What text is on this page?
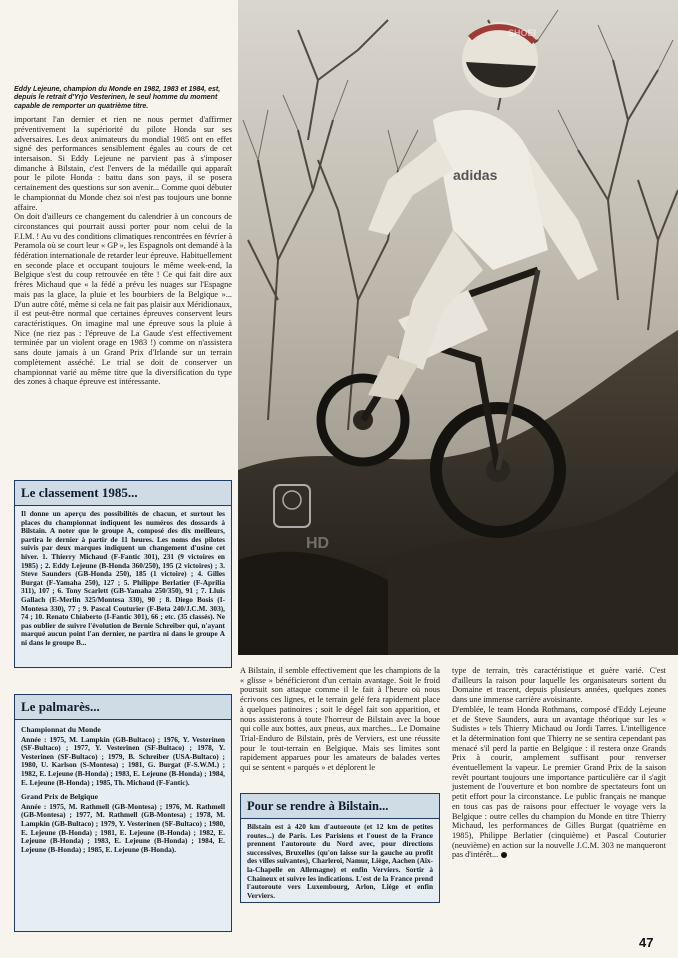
Eddy Lejeune, champion du Monde en 1982, 1983 et 1984, est, depuis le retrait d'Yrjo Vesterinen, le seul homme du moment capable de remporter un quatrième titre.

important l'an dernier et rien ne nous permet d'affirmer préventivement la supériorité du pilote Honda sur ses adversaires. Les deux animateurs du mondial 1985 ont en effet signé des performances sensiblement égales au cours de cet intersaison. Si Eddy Lejeune ne parvient pas à s'imposer dimanche à Bilstain, c'est l'envers de la médaille qui apparaît pour le pilote Honda : battu dans son pays, il se posera certainement des questions sur son avenir... Comme quoi débuter le championnat du Monde chez soi n'est pas toujours une bonne affaire.

On doit d'ailleurs ce changement du calendrier à un concours de circonstances qui pourrait aussi porter pour nom celui de la F.I.M. ! Au vu des conditions climatiques rencontrées en février à Peramola où se court leur « GP », les Espagnols ont demandé à la fédération internationale de retarder leur épreuve. Habituellement en seconde place et occupant toujours le même week-end, la Belgique s'est du coup retrouvée en tête ! Ce qui fait dire aux frères Michaud que « la fédé a prévu les nuages sur l'Espagne mais pas la glace, la pluie et les bourbiers de la Belgique »... D'un autre côté, même si cela ne fait pas plaisir aux Méridionaux, il est peut-être normal que certaines épreuves conservent leurs caractéristiques. On imagine mal une épreuve sous la pluie à Nice (ne riez pas : l'épreuve de La Gaude s'est effectivement terminée par un violent orage en 1983 !) comme on n'assistera sans doute jamais à un Grand Prix d'Irlande sur un terrain complètement asséché. Le trial se doit de conserver un championnat varié au même titre que la diversification du type des zones à chaque épreuve est intéressante.

SHOEI
adidas
HD
Le classement 1985...
Il donne un aperçu des possibilités de chacun, et surtout les places du championnat indiquent les numéros des dossards à Bilstain. A noter que le groupe A, composé des dix meilleurs, partira le dernier à partir de 11 heures. Les noms des pilotes suivis par deux marques indiquent un changement d'usine cet hiver. 1. Thierry Michaud (F-Fantic 301), 231 (9 victoires en 1985) ; 2. Eddy Lejeune (B-Honda 360/250), 195 (2 victoires) ; 3. Steve Saunders (GB-Honda 250), 185 (1 victoire) ; 4. Gilles Burgat (F-Yamaha 250), 127 ; 5. Philippe Berlatier (F-Aprilia 311), 107 ; 6. Tony Scarlett (GB-Yamaha 250/350), 91 ; 7. Lluis Gallach (E-Merlin 325/Montesa 330), 90 ; 8. Diego Bosis (I-Montesa 330), 77 ; 9. Pascal Couturier (F-Beta 240/J.C.M. 303), 74 ; 10. Renato Chiaberto (I-Fantic 301), 66 ; etc. (35 classés). Ne pas oublier de suivre l'évolution de Bernie Schreiber qui, n'ayant marqué aucun point l'an dernier, ne partira ni dans le groupe A ni dans le groupe B...
Le palmarès...
Championnat du Monde

Année : 1975, M. Lampkin (GB-Bultaco) ; 1976, Y. Vesterinen (SF-Bultaco) ; 1977, Y. Vesterinen (SF-Bultaco) ; 1978, Y. Vesterinen (SF-Bultaco) ; 1979, B. Schreiber (USA-Bultaco) ; 1980, U. Karlson (S-Montesa) ; 1981, G. Burgat (F-S.W.M.) ; 1982, E. Lejeune (B-Honda) ; 1983, E. Lejeune (B-Honda) ; 1984, E. Lejeune (B-Honda) ; 1985, Th. Michaud (F-Fantic).

Grand Prix de Belgique

Année : 1975, M. Rathmell (GB-Montesa) ; 1976, M. Rathmell (GB-Montesa) ; 1977, M. Rathmell (GB-Montesa) ; 1978, M. Lampkin (GB-Bultaco) ; 1979, Y. Vesterinen (SF-Bultaco) ; 1980, E. Lejeune (B-Honda) ; 1981, E. Lejeune (B-Honda) ; 1982, E. Lejeune (B-Honda) ; 1983, E. Lejeune (B-Honda) ; 1984, E. Lejeune (B-Honda) ; 1985, E. Lejeune (B-Honda).

A Bilstain, il semble effectivement que les champions de la « glisse » bénéficieront d'un certain avantage. Soit le froid poursuit son attaque comme il le fait à l'heure où nous écrivons ces lignes, et le terrain gelé fera rapidement place à quelques patinoires ; soit le dégel fait son apparition, et nous assisterons à toute l'horreur de Bilstain avec la boue qui colle aux bottes, aux pneus, aux marches... Le Domaine Trial-Enduro de Bilstain, près de Verviers, est une réussite pour le tout-terrain en Belgique. Mais ses limites sont rapidement apparues pour les amateurs de balades vertes qui se sentent « parqués » et déplorent le

Pour se rendre à Bilstain...
Bilstain est à 420 km d'autoroute (et 12 km de petites routes...) de Paris. Les Parisiens et l'ouest de la France prennent l'autoroute du Nord avec, pour directions successives, Bruxelles (qu'on laisse sur la gauche au profit des villes suivantes), Charleroi, Namur, Liège, Aachen (Aix-la-Chapelle en Allemagne) et enfin Verviers. Sortir à Chaineux et suivre les indications. L'est de la France prend l'autoroute vers Luxembourg, Arlon, Liège et enfin Verviers.

type de terrain, très caractéristique et guère varié. C'est d'ailleurs la raison pour laquelle les organisateurs sortent du Domaine et tracent, depuis plusieurs années, quelques zones dans une immense carrière avoisinante.

D'emblée, le team Honda Rothmans, composé d'Eddy Lejeune et de Steve Saunders, aura un avantage théorique sur les « Sudistes » tels Thierry Michaud ou Jordi Tarres. L'intelligence et la détermination font que Thierry ne se sentira cependant pas menacé s'il perd la partie en Belgique : il restera onze Grands Prix à courir, amplement suffisant pour renverser éventuellement la vapeur. Le premier Grand Prix de la saison revêt pourtant toujours une importance particulière car il s'agit justement de l'ouverture et bon nombre de spectateurs font un petit effort pour la circonstance. Le public français ne manque en tous cas pas de raisons pour effectuer le voyage vers la Belgique : outre celles du champion du Monde en titre Thierry Michaud, les performances de Gilles Burgat (quatrième en 1985), Philippe Berlatier (cinquième) et Pascal Couturier (neuvième) en action sur la nouvelle J.C.M. 303 ne manqueront pas d'intérêt...

47
